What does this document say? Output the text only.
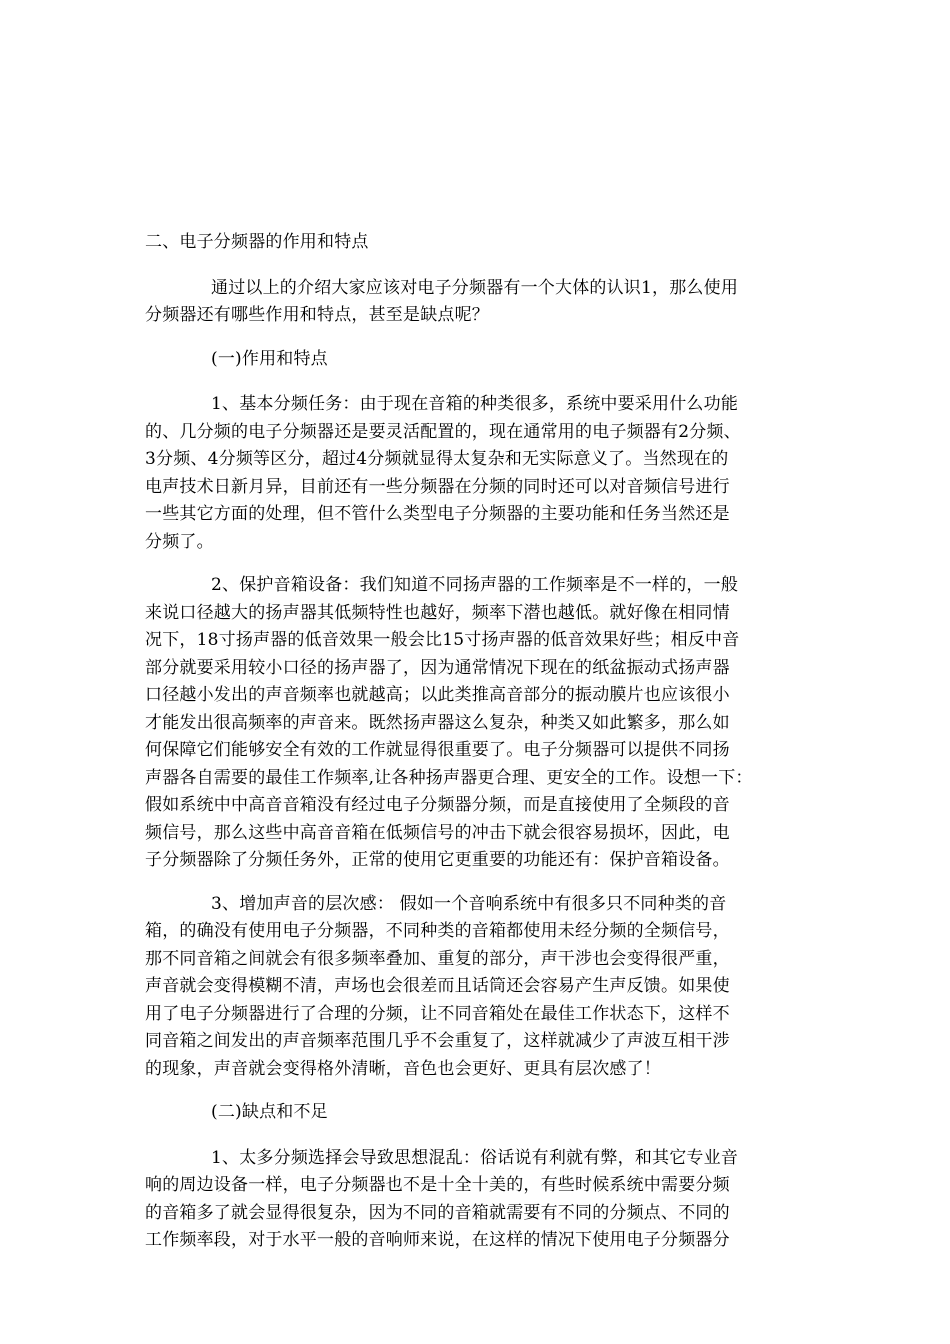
二、电子分频器的作用和特点
通过以上的介绍大家应该对电子分频器有一个大体的认识1，那么使用
分频器还有哪些作用和特点，甚至是缺点呢？
(一)作用和特点
1、基本分频任务：由于现在音箱的种类很多，系统中要采用什么功能
的、几分频的电子分频器还是要灵活配置的，现在通常用的电子频器有2分频、
3分频、4分频等区分，超过4分频就显得太复杂和无实际意义了。当然现在的
电声技术日新月异，目前还有一些分频器在分频的同时还可以对音频信号进行
一些其它方面的处理，但不管什么类型电子分频器的主要功能和任务当然还是
分频了。
2、保护音箱设备：我们知道不同扬声器的工作频率是不一样的，一般
来说口径越大的扬声器其低频特性也越好，频率下潜也越低。就好像在相同情
况下，18寸扬声器的低音效果一般会比15寸扬声器的低音效果好些；相反中音
部分就要采用较小口径的扬声器了，因为通常情况下现在的纸盆振动式扬声器
口径越小发出的声音频率也就越高；以此类推高音部分的振动膜片也应该很小
才能发出很高频率的声音来。既然扬声器这么复杂，种类又如此繁多，那么如
何保障它们能够安全有效的工作就显得很重要了。电子分频器可以提供不同扬
声器各自需要的最佳工作频率,让各种扬声器更合理、更安全的工作。设想一下：
假如系统中中高音音箱没有经过电子分频器分频，而是直接使用了全频段的音
频信号，那么这些中高音音箱在低频信号的冲击下就会很容易损坏，因此，电
子分频器除了分频任务外，正常的使用它更重要的功能还有：保护音箱设备。
3、增加声音的层次感： 假如一个音响系统中有很多只不同种类的音
箱，的确没有使用电子分频器，不同种类的音箱都使用未经分频的全频信号，
那不同音箱之间就会有很多频率叠加、重复的部分，声干涉也会变得很严重，
声音就会变得模糊不清，声场也会很差而且话筒还会容易产生声反馈。如果使
用了电子分频器进行了合理的分频，让不同音箱处在最佳工作状态下，这样不
同音箱之间发出的声音频率范围几乎不会重复了，这样就减少了声波互相干涉
的现象，声音就会变得格外清晰，音色也会更好、更具有层次感了！
(二)缺点和不足
1、太多分频选择会导致思想混乱：俗话说有利就有弊，和其它专业音
响的周边设备一样，电子分频器也不是十全十美的，有些时候系统中需要分频
的音箱多了就会显得很复杂，因为不同的音箱就需要有不同的分频点、不同的
工作频率段，对于水平一般的音响师来说，在这样的情况下使用电子分频器分
